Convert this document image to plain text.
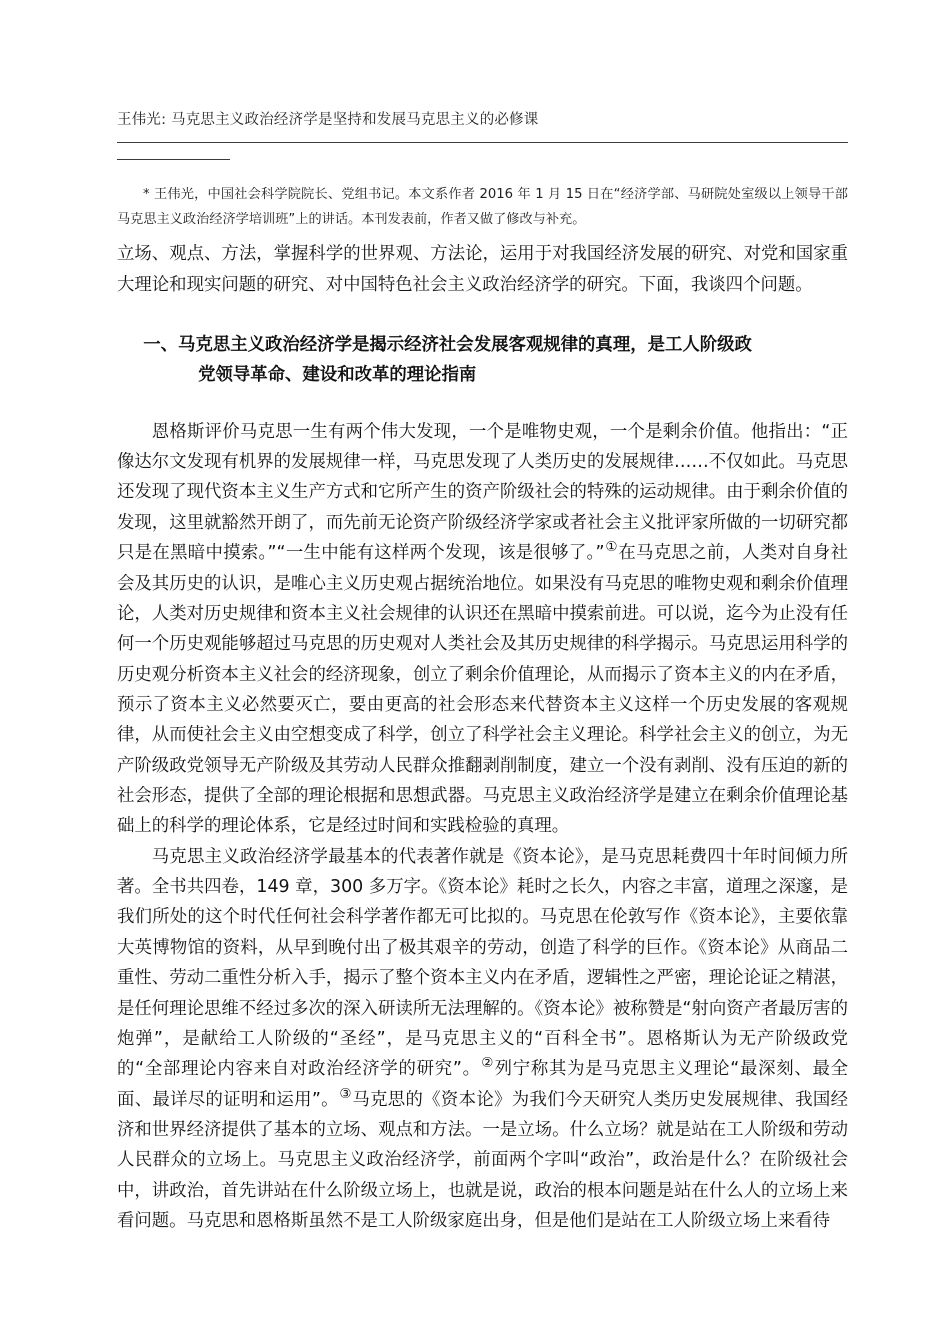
王伟光: 马克思主义政治经济学是坚持和发展马克思主义的必修课
* 王伟光，中国社会科学院院长、党组书记。本文系作者 2016 年 1 月 15 日在“经济学部、马研院处室级以上领导干部马克思主义政治经济学培训班”上的讲话。本刊发表前，作者又做了修改与补充。

立场、观点、方法，掌握科学的世界观、方法论，运用于对我国经济发展的研究、对党和国家重大理论和现实问题的研究、对中国特色社会主义政治经济学的研究。下面，我谈四个问题。

一、马克思主义政治经济学是揭示经济社会发展客观规律的真理，是工人阶级政
党领导革命、建设和改革的理论指南

恩格斯评价马克思一生有两个伟大发现，一个是唯物史观，一个是剩余价值。他指出：“正像达尔文发现有机界的发展规律一样，马克思发现了人类历史的发展规律……不仅如此。马克思还发现了现代资本主义生产方式和它所产生的资产阶级社会的特殊的运动规律。由于剩余价值的发现，这里就豁然开朗了，而先前无论资产阶级经济学家或者社会主义批评家所做的一切研究都只是在黑暗中摸索。”“一生中能有这样两个发现，该是很够了。”①在马克思之前，人类对自身社会及其历史的认识，是唯心主义历史观占据统治地位。如果没有马克思的唯物史观和剩余价值理论，人类对历史规律和资本主义社会规律的认识还在黑暗中摸索前进。可以说，迄今为止没有任何一个历史观能够超过马克思的历史观对人类社会及其历史规律的科学揭示。马克思运用科学的历史观分析资本主义社会的经济现象，创立了剩余价值理论，从而揭示了资本主义的内在矛盾，预示了资本主义必然要灭亡，要由更高的社会形态来代替资本主义这样一个历史发展的客观规律，从而使社会主义由空想变成了科学，创立了科学社会主义理论。科学社会主义的创立，为无产阶级政党领导无产阶级及其劳动人民群众推翻剥削制度，建立一个没有剥削、没有压迫的新的社会形态，提供了全部的理论根据和思想武器。马克思主义政治经济学是建立在剩余价值理论基础上的科学的理论体系，它是经过时间和实践检验的真理。

马克思主义政治经济学最基本的代表著作就是《资本论》，是马克思耗费四十年时间倾力所著。全书共四卷，149 章，300 多万字。《资本论》耗时之长久，内容之丰富，道理之深邃，是我们所处的这个时代任何社会科学著作都无可比拟的。马克思在伦敦写作《资本论》，主要依靠大英博物馆的资料，从早到晚付出了极其艰辛的劳动，创造了科学的巨作。《资本论》从商品二重性、劳动二重性分析入手，揭示了整个资本主义内在矛盾，逻辑性之严密，理论论证之精湛，是任何理论思维不经过多次的深入研读所无法理解的。《资本论》被称赞是“射向资产者最厉害的炮弹”，是献给工人阶级的“圣经”，是马克思主义的“百科全书”。恩格斯认为无产阶级政党的“全部理论内容来自对政治经济学的研究”。②列宁称其为是马克思主义理论“最深刻、最全面、最详尽的证明和运用”。③马克思的《资本论》为我们今天研究人类历史发展规律、我国经济和世界经济提供了基本的立场、观点和方法。一是立场。什么立场？就是站在工人阶级和劳动人民群众的立场上。马克思主义政治经济学，前面两个字叫“政治”，政治是什么？在阶级社会中，讲政治，首先讲站在什么阶级立场上，也就是说，政治的根本问题是站在什么人的立场上来看问题。马克思和恩格斯虽然不是工人阶级家庭出身，但是他们是站在工人阶级立场上来看待
